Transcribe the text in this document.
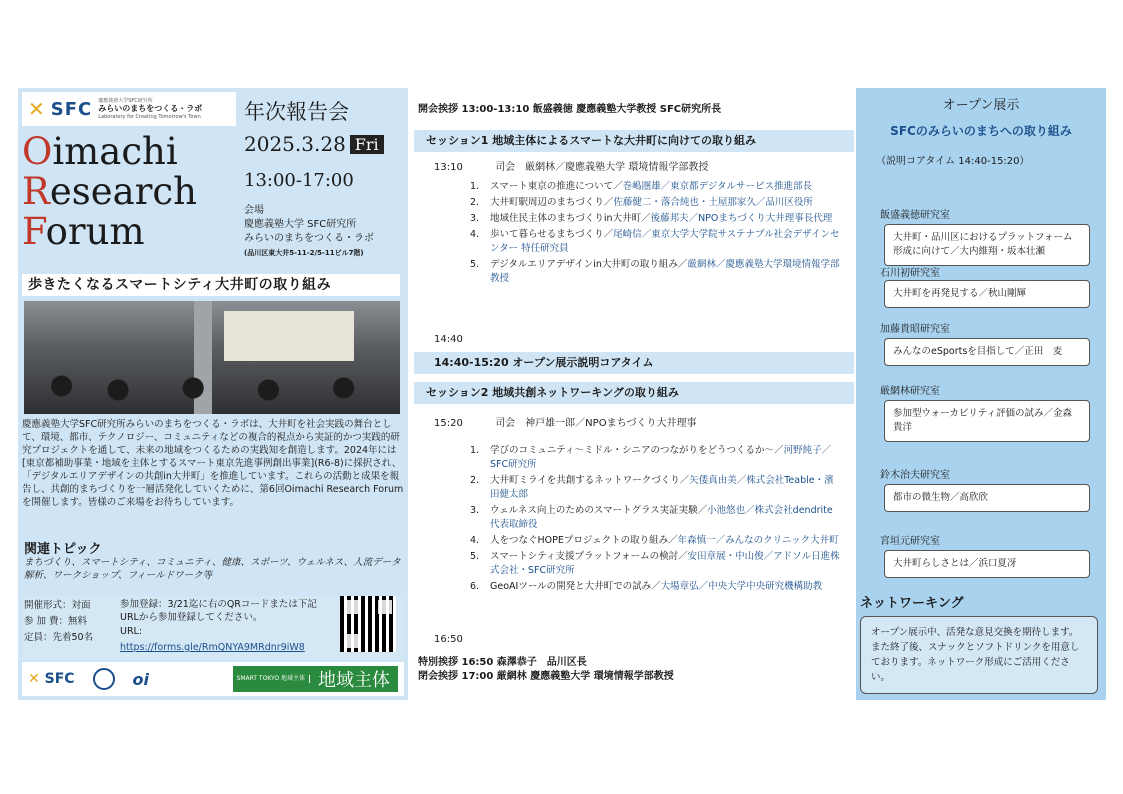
✕ SFC 慶應義塾大学SFC研究所
みらいのまちをつくる・ラボ
Laboratory for Creating Tomorrow's Town
Oimachi
Research
Forum
年次報告会
2025.3.28 Fri
13:00-17:00
会場
慶應義塾大学 SFC研究所
みらいのまちをつくる・ラボ
(品川区東大井5-11-2/5-11ビル7階)
歩きたくなるスマートシティ大井町の取り組み
慶應義塾大学SFC研究所みらいのまちをつくる・ラボは、大井町を社会実践の舞台として、環境、都市、テクノロジー、コミュニティなどの複合的視点から実証的かつ実践的研究プロジェクトを通して、未来の地域をつくるための実践知を創造します。2024年には[東京都補助事業・地域を主体とするスマート東京先進事例創出事業](R6-8)に採択され、「デジタルエリアデザインの共創in大井町」を推進しています。これらの活動と成果を報告し、共創的まちづくりを一層活発化していくために、第6回Oimachi Research Forumを開催します。皆様のご来場をお待ちしています。
関連トピック
まちづくり、スマートシティ、コミュニティ、健康、スポーツ、ウェルネス、人流データ解析、ワークショップ、フィールドワーク等
開催形式：対面
参 加 費：無料
定員：先着50名
参加登録：3/21迄に右のQRコードまたは下記URLから参加登録してください。
URL:
https://forms.gle/RmQNYA9MRdnr9iW8
✕ SFC	oi	SMART TOKYO 地域主体 地域主体
開会挨拶 13:00-13:10 飯盛義徳 慶應義塾大学教授 SFC研究所長
セッション1 地域主体によるスマートな大井町に向けての取り組み
13:10	司会　厳網林／慶應義塾大学 環境情報学部教授
1.	スマート東京の推進について／巻嶋圏雄／東京都デジタルサービス推進部長
2.	大井町駅周辺のまちづくり／佐藤健二・落合純也・土屋那家久／品川区役所
3.	地域住民主体のまちづくりin大井町／後藤邦夫／NPOまちづくり大井理事長代理
4.	歩いて暮らせるまちづくり／尾崎信／東京大学大学院サステナブル社会デザインセンター 特任研究員
5.	デジタルエリアデザインin大井町の取り組み／厳網林／慶應義塾大学環境情報学部教授
14:40
14:40-15:20 オープン展示説明コアタイム
セッション2 地域共創ネットワーキングの取り組み
15:20	司会　神戸雄一郎／NPOまちづくり大井理事
1.	学びのコミュニティ〜ミドル・シニアのつながりをどうつくるか〜／河野純子／SFC研究所
2.	大井町ミライを共創するネットワークづくり／矢倭真由美／株式会社Teable・濱田健太郎
3.	ウェルネス向上のためのスマートグラス実証実験／小池悠也／株式会社dendrite代表取締役
4.	人をつなぐHOPEプロジェクトの取り組み／年森慎一／みんなのクリニック大井町
5.	スマートシティ支援プラットフォームの検討／安田章展・中山俊／アドソル日進株式会社・SFC研究所
6.	GeoAIツールの開発と大井町での試み／大場章弘／中央大学中央研究機構助教
16:50
特別挨拶 16:50 森澤恭子　品川区長
閉会挨拶 17:00 厳網林 慶應義塾大学 環境情報学部教授
オープン展示
SFCのみらいのまちへの取り組み
（説明コアタイム 14:40-15:20）
飯盛義徳研究室
大井町・品川区におけるプラットフォーム形成に向けて／大内維翔・坂本壮瀬
石川初研究室
大井町を再発見する／秋山剛輝
加藤貴昭研究室
みんなのeSportsを目指して／正田　麦
厳網林研究室
参加型ウォーカビリティ評価の試み／金森貴洋
鈴木治夫研究室
都市の微生物／高欣欣
宮垣元研究室
大井町らしさとは／浜口夏冴
ネットワーキング
オープン展示中、活発な意見交換を期待します。また終了後、スナックとソフトドリンクを用意しております。ネットワーク形成にご活用ください。
